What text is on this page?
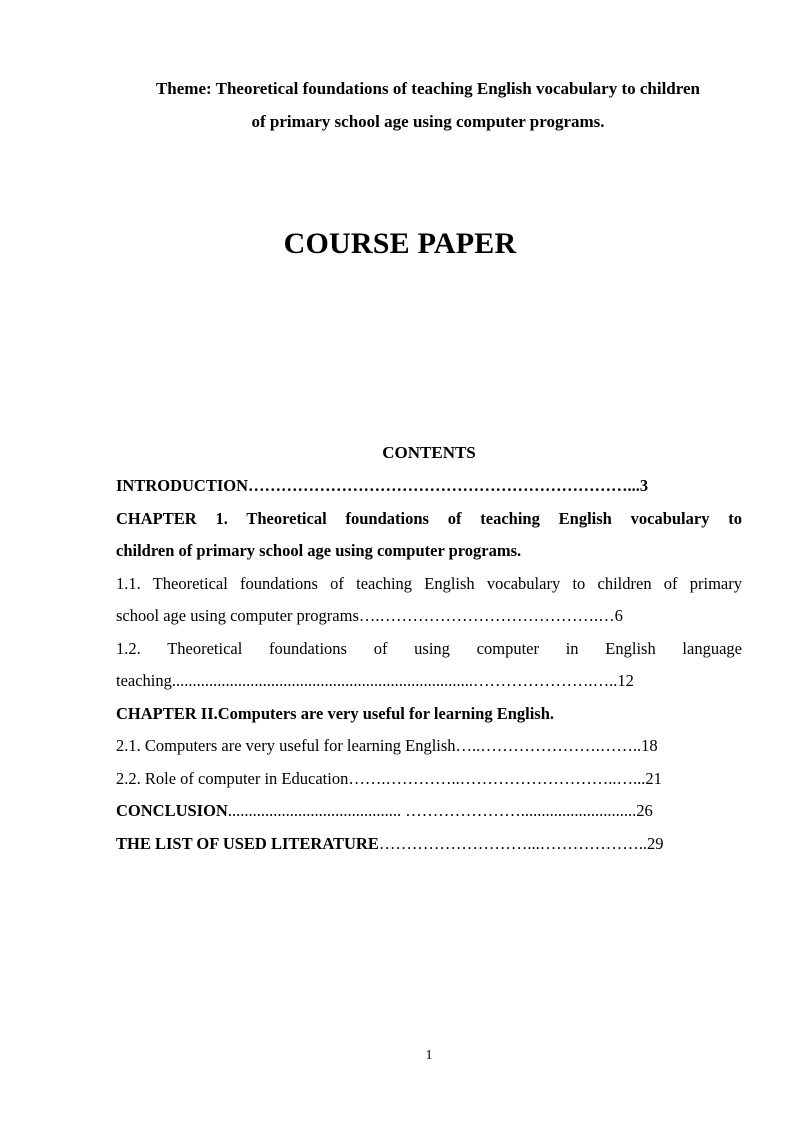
Theme: Theoretical foundations of teaching English vocabulary to children
of primary school age using computer programs.
COURSE PAPER
CONTENTS
INTRODUCTION……………………………………………………………...3
CHAPTER 1. Theoretical foundations of teaching English vocabulary to
children of primary school age using computer programs.
1.1. Theoretical foundations of teaching English vocabulary to children of primary
school age using computer programs….………………………………….…6
1.2. Theoretical foundations of using computer in English language
teaching.........................................................................………………….…..12
CHAPTER II.Computers are very useful for learning English.
2.1. Computers are very useful for learning English…..………………….……..18
2.2. Role of computer in Education…….…………..………………………..…...21
CONCLUSION.......................................... …………………............................26
THE LIST OF USED LITERATURE………………………...………………..29
1
